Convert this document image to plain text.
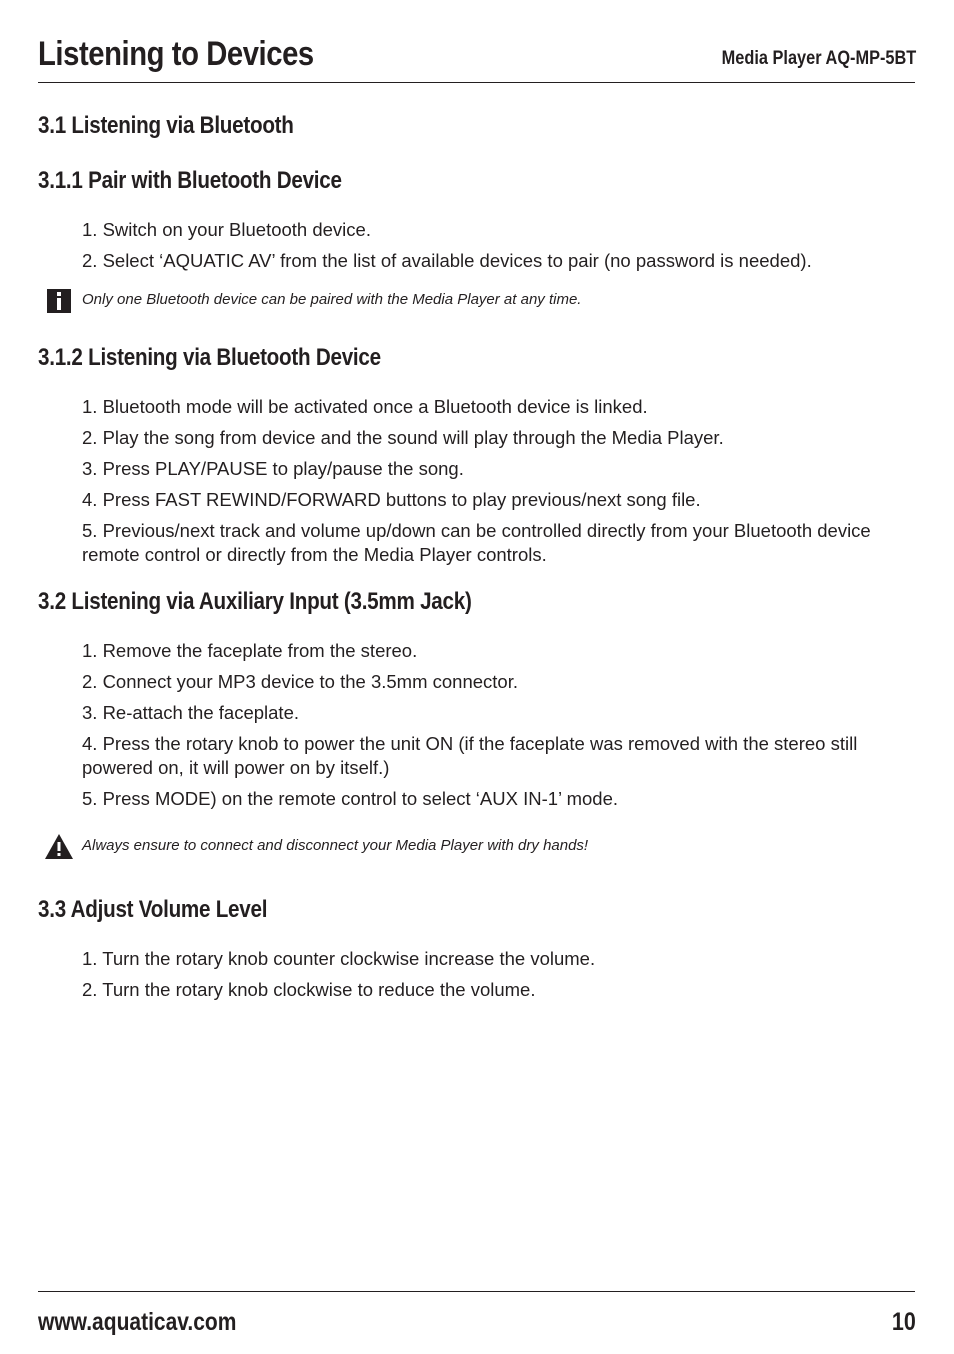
Listening to Devices	Media Player AQ-MP-5BT
3.1 Listening via Bluetooth
3.1.1 Pair with Bluetooth Device
1. Switch on your Bluetooth device.
2. Select ‘AQUATIC AV’ from the list of available devices to pair (no password is needed).
Only one Bluetooth device can be paired with the Media Player at any time.
3.1.2 Listening via Bluetooth Device
1. Bluetooth mode will be activated once a Bluetooth device is linked.
2. Play the song from device and the sound will play through the Media Player.
3. Press PLAY/PAUSE to play/pause the song.
4. Press FAST REWIND/FORWARD buttons to play previous/next song file.
5. Previous/next track and volume up/down can be controlled directly from your Bluetooth device remote control or directly from the Media Player controls.
3.2 Listening via Auxiliary Input (3.5mm Jack)
1. Remove the faceplate from the stereo.
2. Connect your MP3 device to the 3.5mm connector.
3. Re-attach the faceplate.
4. Press the rotary knob to power the unit ON (if the faceplate was removed with the stereo still powered on, it will power on by itself.)
5. Press MODE) on the remote control to select ‘AUX IN-1’ mode.
Always ensure to connect and disconnect your Media Player with dry hands!
3.3 Adjust Volume Level
1. Turn the rotary knob counter clockwise increase the volume.
2. Turn the rotary knob clockwise to reduce the volume.
www.aquaticav.com	10
